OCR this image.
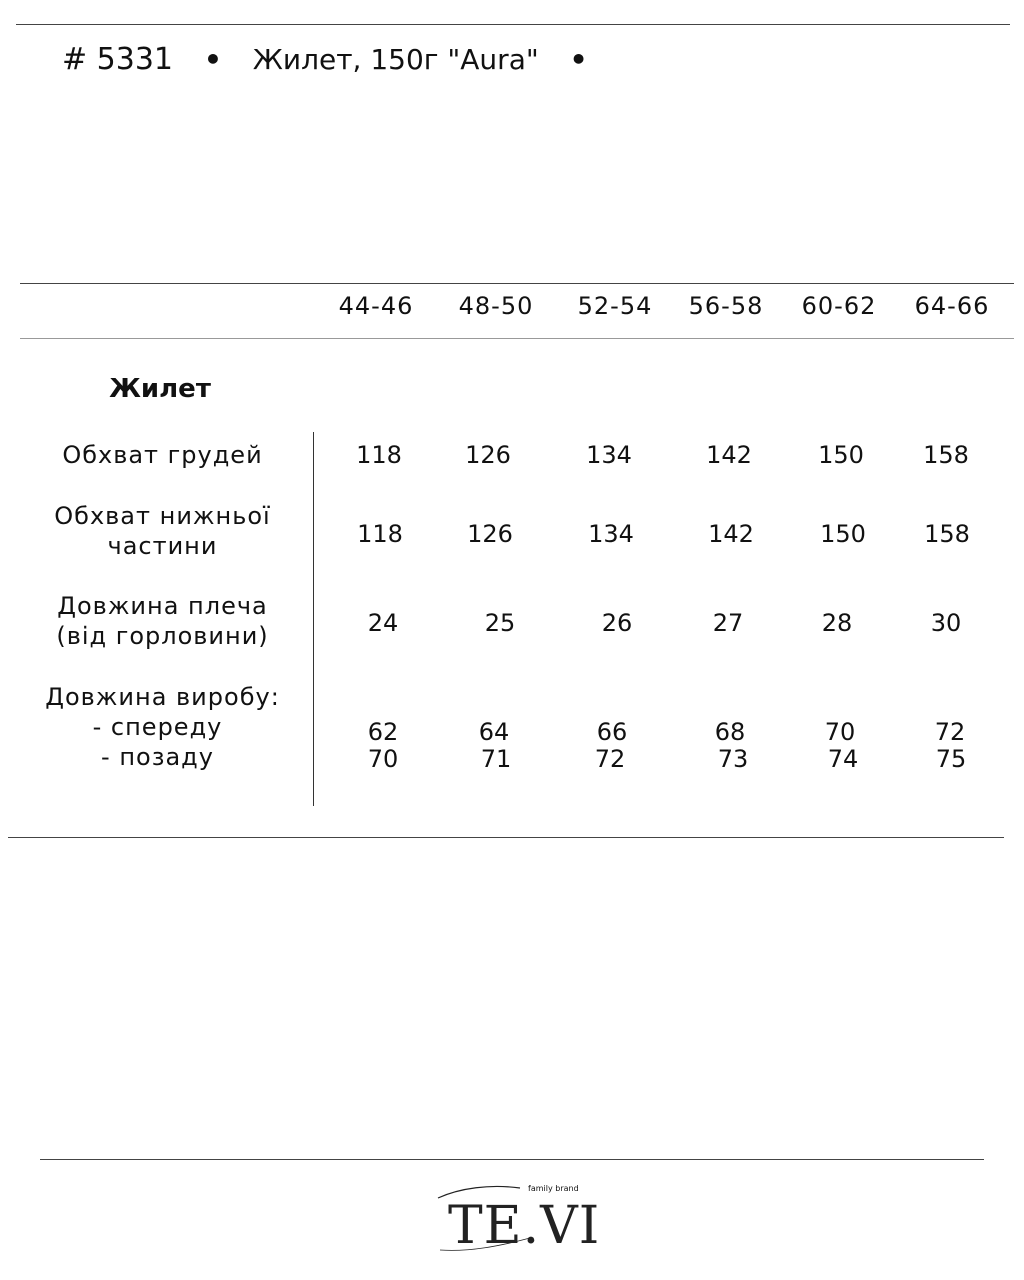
# 5331 • Жилет, 150г "Aura" •
44-46	48-50	52-54	56-58	60-62	64-66
Жилет
Обхват грудей	118	126	134	142	150	158
Обхват нижньої
частини	118	126	134	142	150	158
Довжина плеча
(від горловини)	24	25	26	27	28	30
Довжина виробу:
- спереду
- позаду
62	64	66	68	70	72
70	71	72	73	74	75
family brand
TE.VI
